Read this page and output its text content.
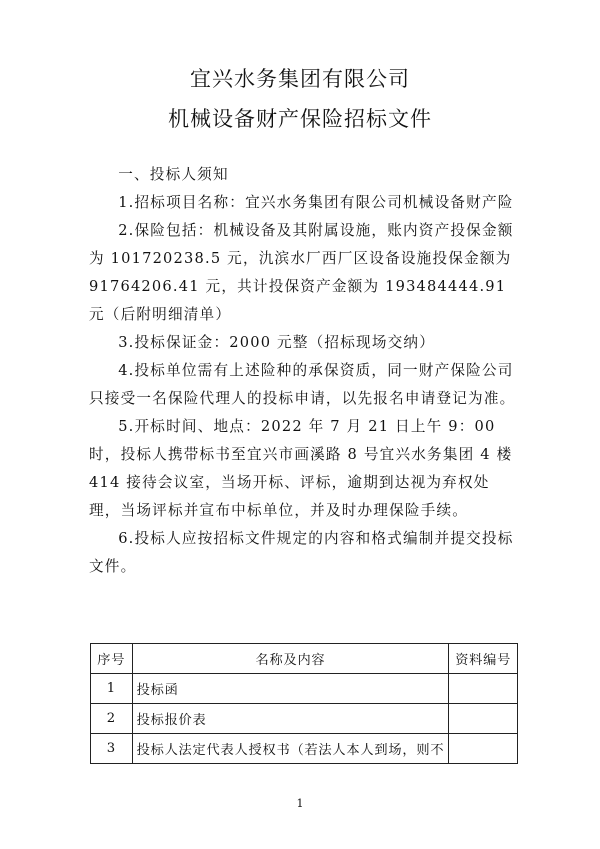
宜兴水务集团有限公司
机械设备财产保险招标文件

一、投标人须知

1.招标项目名称：宜兴水务集团有限公司机械设备财产险

2.保险包括：机械设备及其附属设施，账内资产投保金额为 101720238.5 元，氿滨水厂西厂区设备设施投保金额为 91764206.41 元，共计投保资产金额为 193484444.91 元（后附明细清单）

3.投标保证金：2000 元整（招标现场交纳）

4.投标单位需有上述险种的承保资质，同一财产保险公司只接受一名保险代理人的投标申请，以先报名申请登记为准。

5.开标时间、地点：2022 年 7 月 21 日上午 9：00 时，投标人携带标书至宜兴市画溪路 8 号宜兴水务集团 4 楼 414 接待会议室，当场开标、评标，逾期到达视为弃权处理，当场评标并宣布中标单位，并及时办理保险手续。

6.投标人应按招标文件规定的内容和格式编制并提交投标文件。

序号	名称及内容	资料编号
1	投标函	
2	投标报价表	
3	投标人法定代表人授权书（若法人本人到场，则不	
1
